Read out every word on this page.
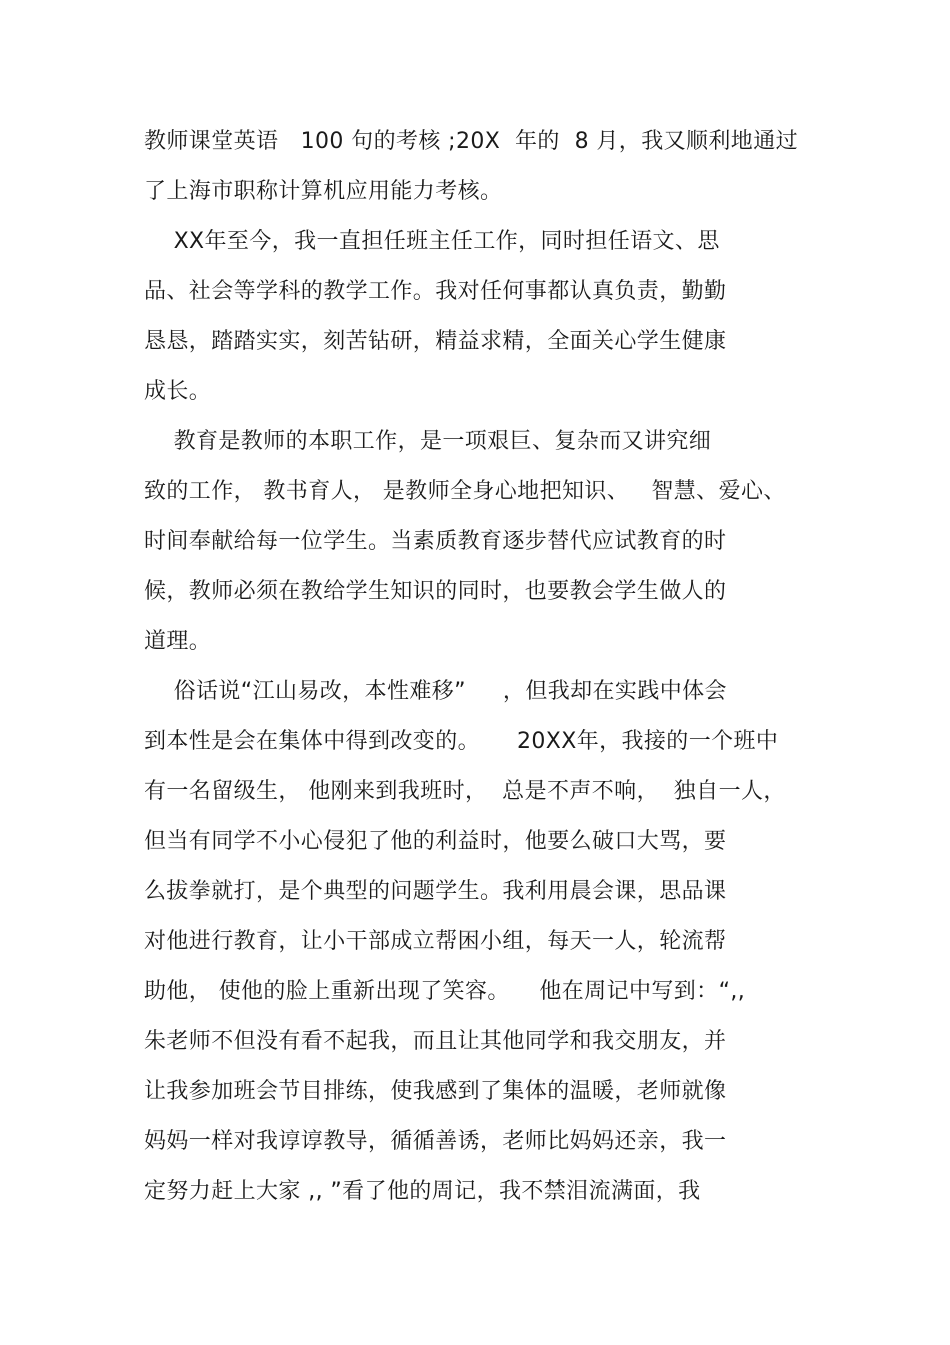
教师课堂英语   100 句的考核 ;20X  年的  8 月，我又顺利地通过
了上海市职称计算机应用能力考核。
XX年至今，我一直担任班主任工作，同时担任语文、思
品、社会等学科的教学工作。我对任何事都认真负责，勤勤
恳恳，踏踏实实，刻苦钻研，精益求精，全面关心学生健康
成长。
教育是教师的本职工作，是一项艰巨、复杂而又讲究细
致的工作， 教书育人， 是教师全身心地把知识、   智慧、爱心、
时间奉献给每一位学生。当素质教育逐步替代应试教育的时
候，教师必须在教给学生知识的同时，也要教会学生做人的
道理。
俗话说“江山易改，本性难移”     ，但我却在实践中体会
到本性是会在集体中得到改变的。     20XX年，我接的一个班中
有一名留级生， 他刚来到我班时，  总是不声不响，  独自一人，
但当有同学不小心侵犯了他的利益时，他要么破口大骂，要
么拔拳就打，是个典型的问题学生。我利用晨会课，思品课
对他进行教育，让小干部成立帮困小组，每天一人，轮流帮
助他， 使他的脸上重新出现了笑容。    他在周记中写到：“,,
朱老师不但没有看不起我，而且让其他同学和我交朋友，并
让我参加班会节目排练，使我感到了集体的温暖，老师就像
妈妈一样对我谆谆教导，循循善诱，老师比妈妈还亲，我一
定努力赶上大家 ,, ”看了他的周记，我不禁泪流满面，我
